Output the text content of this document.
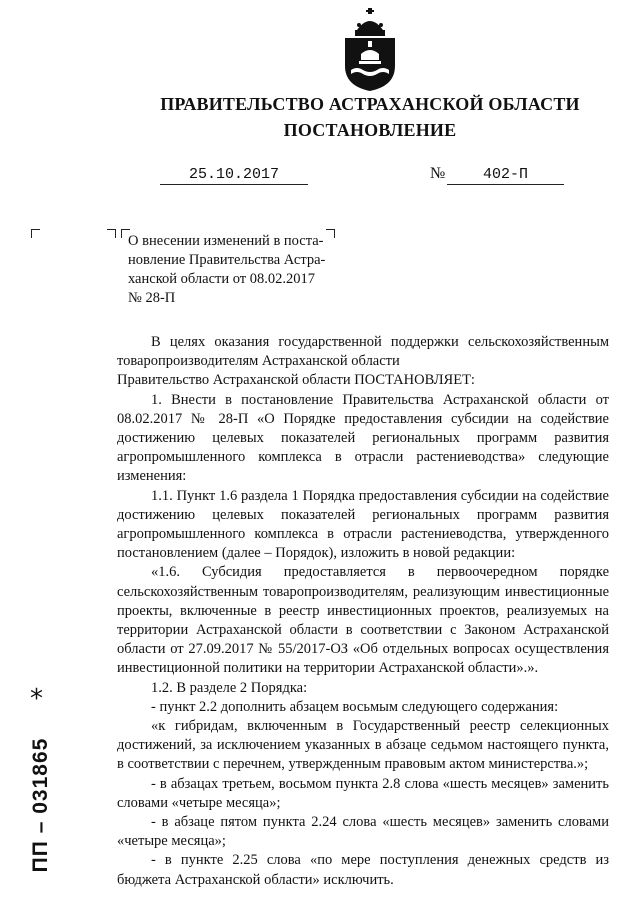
ПРАВИТЕЛЬСТВО АСТРАХАНСКОЙ ОБЛАСТИ
ПОСТАНОВЛЕНИЕ
25.10.2017	№	402-П
О внесении изменений в поста-
новление Правительства Астра-
ханской области от 08.02.2017
№ 28-П

В целях оказания государственной поддержки сельскохозяйственным товаропроизводителям Астраханской области

Правительство Астраханской области ПОСТАНОВЛЯЕТ:

1. Внести в постановление Правительства Астраханской области от 08.02.2017 № 28-П «О Порядке предоставления субсидии на содействие достижению целевых показателей региональных программ развития агропромышленного комплекса в отрасли растениеводства» следующие изменения:

1.1. Пункт 1.6 раздела 1 Порядка предоставления субсидии на содействие достижению целевых показателей региональных программ развития агропромышленного комплекса в отрасли растениеводства, утвержденного постановлением (далее – Порядок), изложить в новой редакции:

«1.6. Субсидия предоставляется в первоочередном порядке сельскохозяйственным товаропроизводителям, реализующим инвестиционные проекты, включенные в реестр инвестиционных проектов, реализуемых на территории Астраханской области в соответствии с Законом Астраханской области от 27.09.2017 № 55/2017-ОЗ «Об отдельных вопросах осуществления инвестиционной политики на территории Астраханской области».».

1.2. В разделе 2 Порядка:

- пункт 2.2 дополнить абзацем восьмым следующего содержания:

«к гибридам, включенным в Государственный реестр селекционных достижений, за исключением указанных в абзаце седьмом настоящего пункта, в соответствии с перечнем, утвержденным правовым актом министерства.»;

- в абзацах третьем, восьмом пункта 2.8 слова «шесть месяцев» заменить словами «четыре месяца»;

- в абзаце пятом пункта 2.24 слова «шесть месяцев» заменить словами «четыре месяца»;

- в пункте 2.25 слова «по мере поступления денежных средств из бюджета Астраханской области» исключить.

*
ПП – 031865
